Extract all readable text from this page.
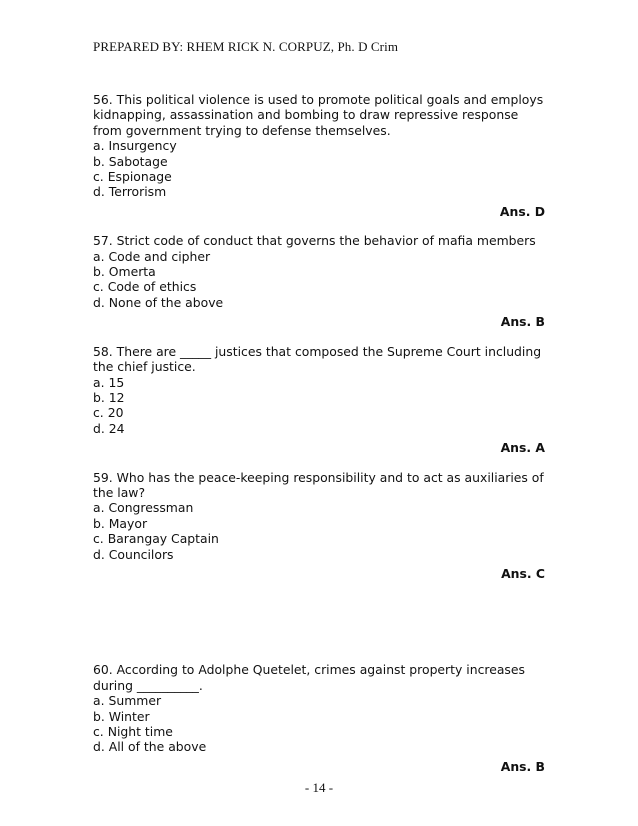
PREPARED BY: RHEM RICK N. CORPUZ, Ph. D Crim

56. This political violence is used to promote political goals and employs kidnapping, assassination and bombing to draw repressive response from government trying to defense themselves.

a. Insurgency

b. Sabotage

c. Espionage

d. Terrorism

Ans. D

57. Strict code of conduct that governs the behavior of mafia members

a. Code and cipher

b. Omerta

c. Code of ethics

d. None of the above

Ans. B

58. There are _____ justices that composed the Supreme Court including the chief justice.

a. 15

b. 12

c. 20

d. 24

Ans. A

59. Who has the peace-keeping responsibility and to act as auxiliaries of the law?

a. Congressman

b. Mayor

c. Barangay Captain

d. Councilors

Ans. C

60. According to Adolphe Quetelet, crimes against property increases during __________.

a. Summer

b. Winter

c. Night time

d. All of the above

Ans. B

- 14 -
